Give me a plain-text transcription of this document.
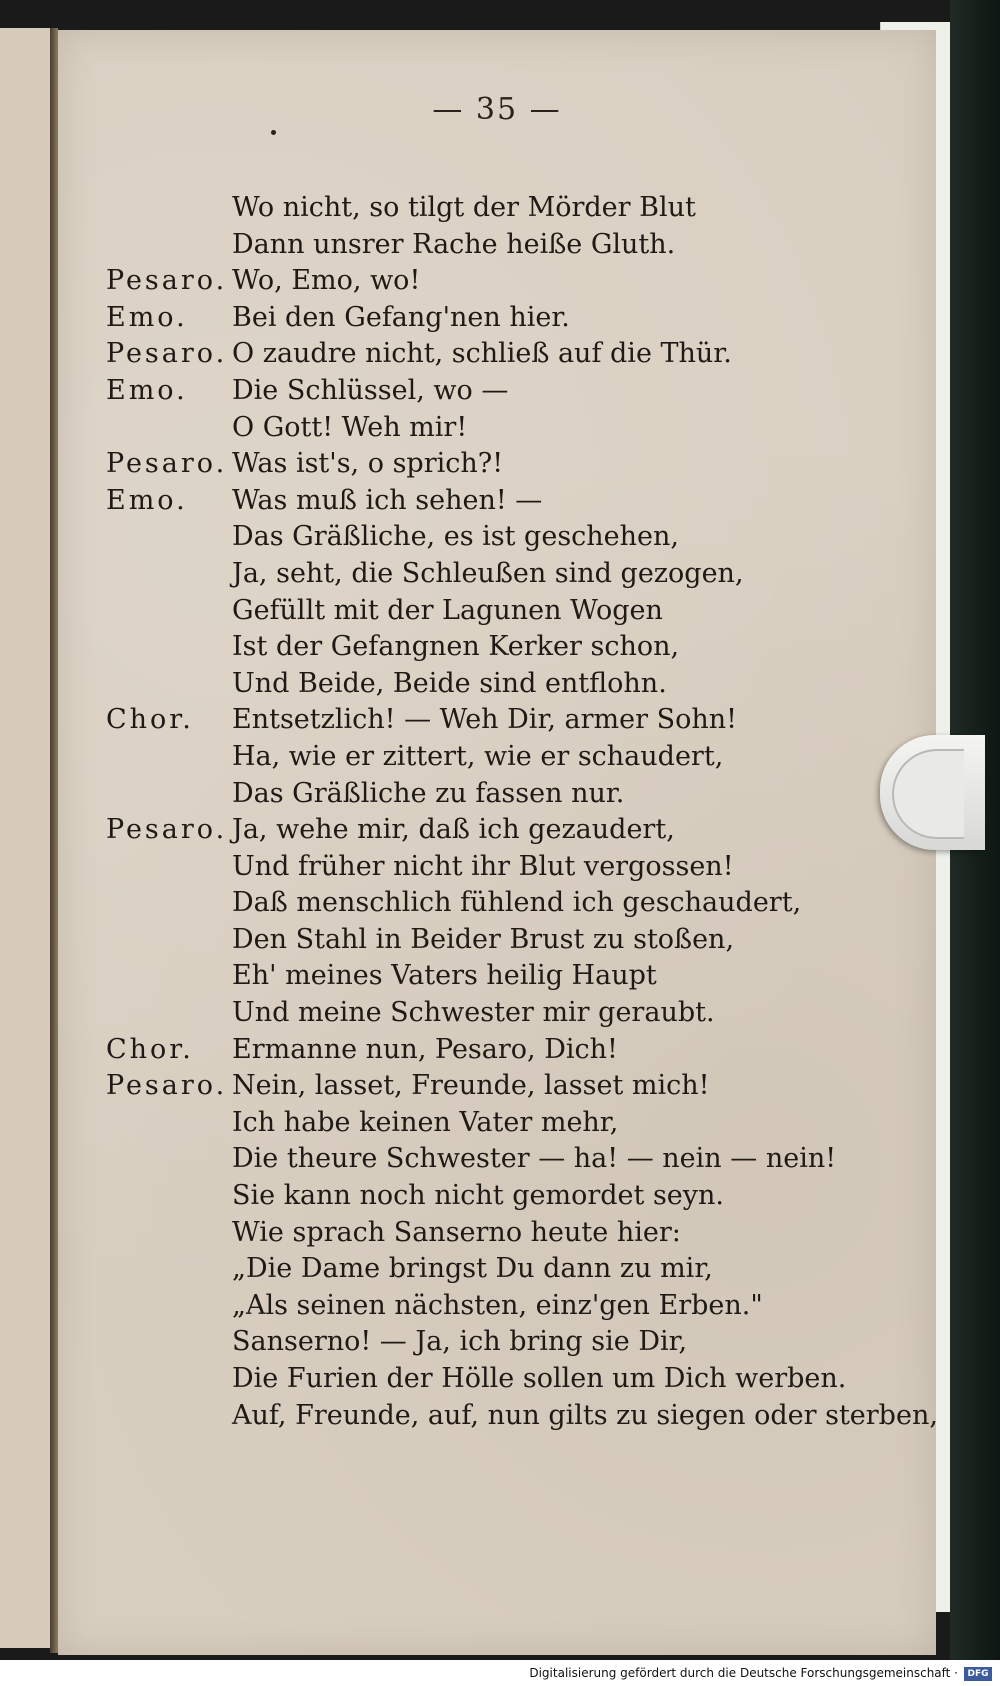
— 35 —
Wo nicht, so tilgt der Mörder Blut
Dann unsrer Rache heiße Gluth.
Pesaro. Wo, Emo, wo!
Emo. Bei den Gefang'nen hier.
Pesaro. O zaudre nicht, schließ auf die Thür.
Emo. Die Schlüssel, wo —
O Gott! Weh mir!
Pesaro. Was ist's, o sprich?!
Emo. Was muß ich sehen! —
Das Gräßliche, es ist geschehen,
Ja, seht, die Schleußen sind gezogen,
Gefüllt mit der Lagunen Wogen
Ist der Gefangnen Kerker schon,
Und Beide, Beide sind entflohn.
Chor. Entsetzlich! — Weh Dir, armer Sohn!
Ha, wie er zittert, wie er schaudert,
Das Gräßliche zu fassen nur.
Pesaro. Ja, wehe mir, daß ich gezaudert,
Und früher nicht ihr Blut vergossen!
Daß menschlich fühlend ich geschaudert,
Den Stahl in Beider Brust zu stoßen,
Eh' meines Vaters heilig Haupt
Und meine Schwester mir geraubt.
Chor. Ermanne nun, Pesaro, Dich!
Pesaro. Nein, lasset, Freunde, lasset mich!
Ich habe keinen Vater mehr,
Die theure Schwester — ha! — nein — nein!
Sie kann noch nicht gemordet seyn.
Wie sprach Sanserno heute hier:
„Die Dame bringst Du dann zu mir,
„Als seinen nächsten, einz'gen Erben."
Sanserno! — Ja, ich bring sie Dir,
Die Furien der Hölle sollen um Dich werben.
Auf, Freunde, auf, nun gilts zu siegen oder sterben,
Digitalisierung gefördert durch die Deutsche Forschungsgemeinschaft ·	DFG
